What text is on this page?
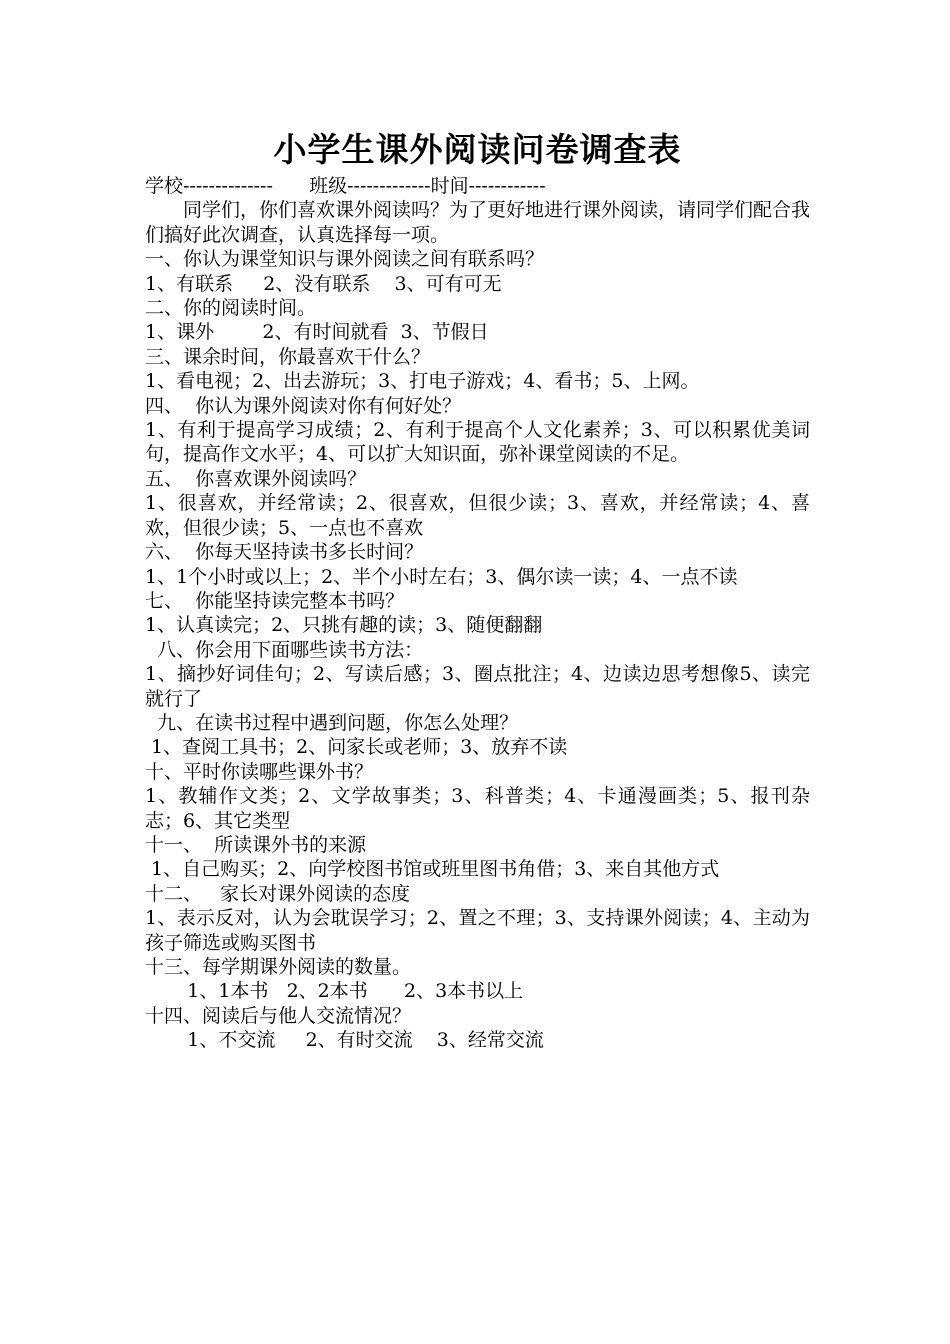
小学生课外阅读问卷调查表
学校--------------      班级-------------时间------------
同学们，你们喜欢课外阅读吗？为了更好地进行课外阅读，请同学们配合我们搞好此次调查，认真选择每一项。
一、你认为课堂知识与课外阅读之间有联系吗？
1、有联系     2、没有联系    3、可有可无
二、你的阅读时间。
1、课外        2、有时间就看  3、节假日
三、课余时间，你最喜欢干什么？
1、看电视；2、出去游玩；3、打电子游戏；4、看书；5、上网。
四、  你认为课外阅读对你有何好处？
1、有利于提高学习成绩；2、有利于提高个人文化素养；3、可以积累优美词句，提高作文水平；4、可以扩大知识面，弥补课堂阅读的不足。
五、  你喜欢课外阅读吗？
1、很喜欢，并经常读；2、很喜欢，但很少读；3、喜欢，并经常读；4、喜欢，但很少读；5、一点也不喜欢
六、  你每天坚持读书多长时间？
1、1个小时或以上；2、半个小时左右；3、偶尔读一读；4、一点不读
七、  你能坚持读完整本书吗？
1、认真读完；2、只挑有趣的读；3、随便翻翻
八、你会用下面哪些读书方法：
1、摘抄好词佳句；2、写读后感；3、圈点批注；4、边读边思考想像5、读完就行了
九、在读书过程中遇到问题，你怎么处理？
1、查阅工具书；2、问家长或老师；3、放弃不读
十、平时你读哪些课外书？
1、教辅作文类；2、文学故事类；3、科普类；4、卡通漫画类；5、报刊杂志；6、其它类型
十一、  所读课外书的来源
1、自己购买；2、向学校图书馆或班里图书角借；3、来自其他方式
十二、   家长对课外阅读的态度
1、表示反对，认为会耽误学习；2、置之不理；3、支持课外阅读；4、主动为孩子筛选或购买图书
十三、每学期课外阅读的数量。
1、1本书   2、2本书      2、3本书以上
十四、阅读后与他人交流情况？
1、不交流     2、有时交流    3、经常交流
